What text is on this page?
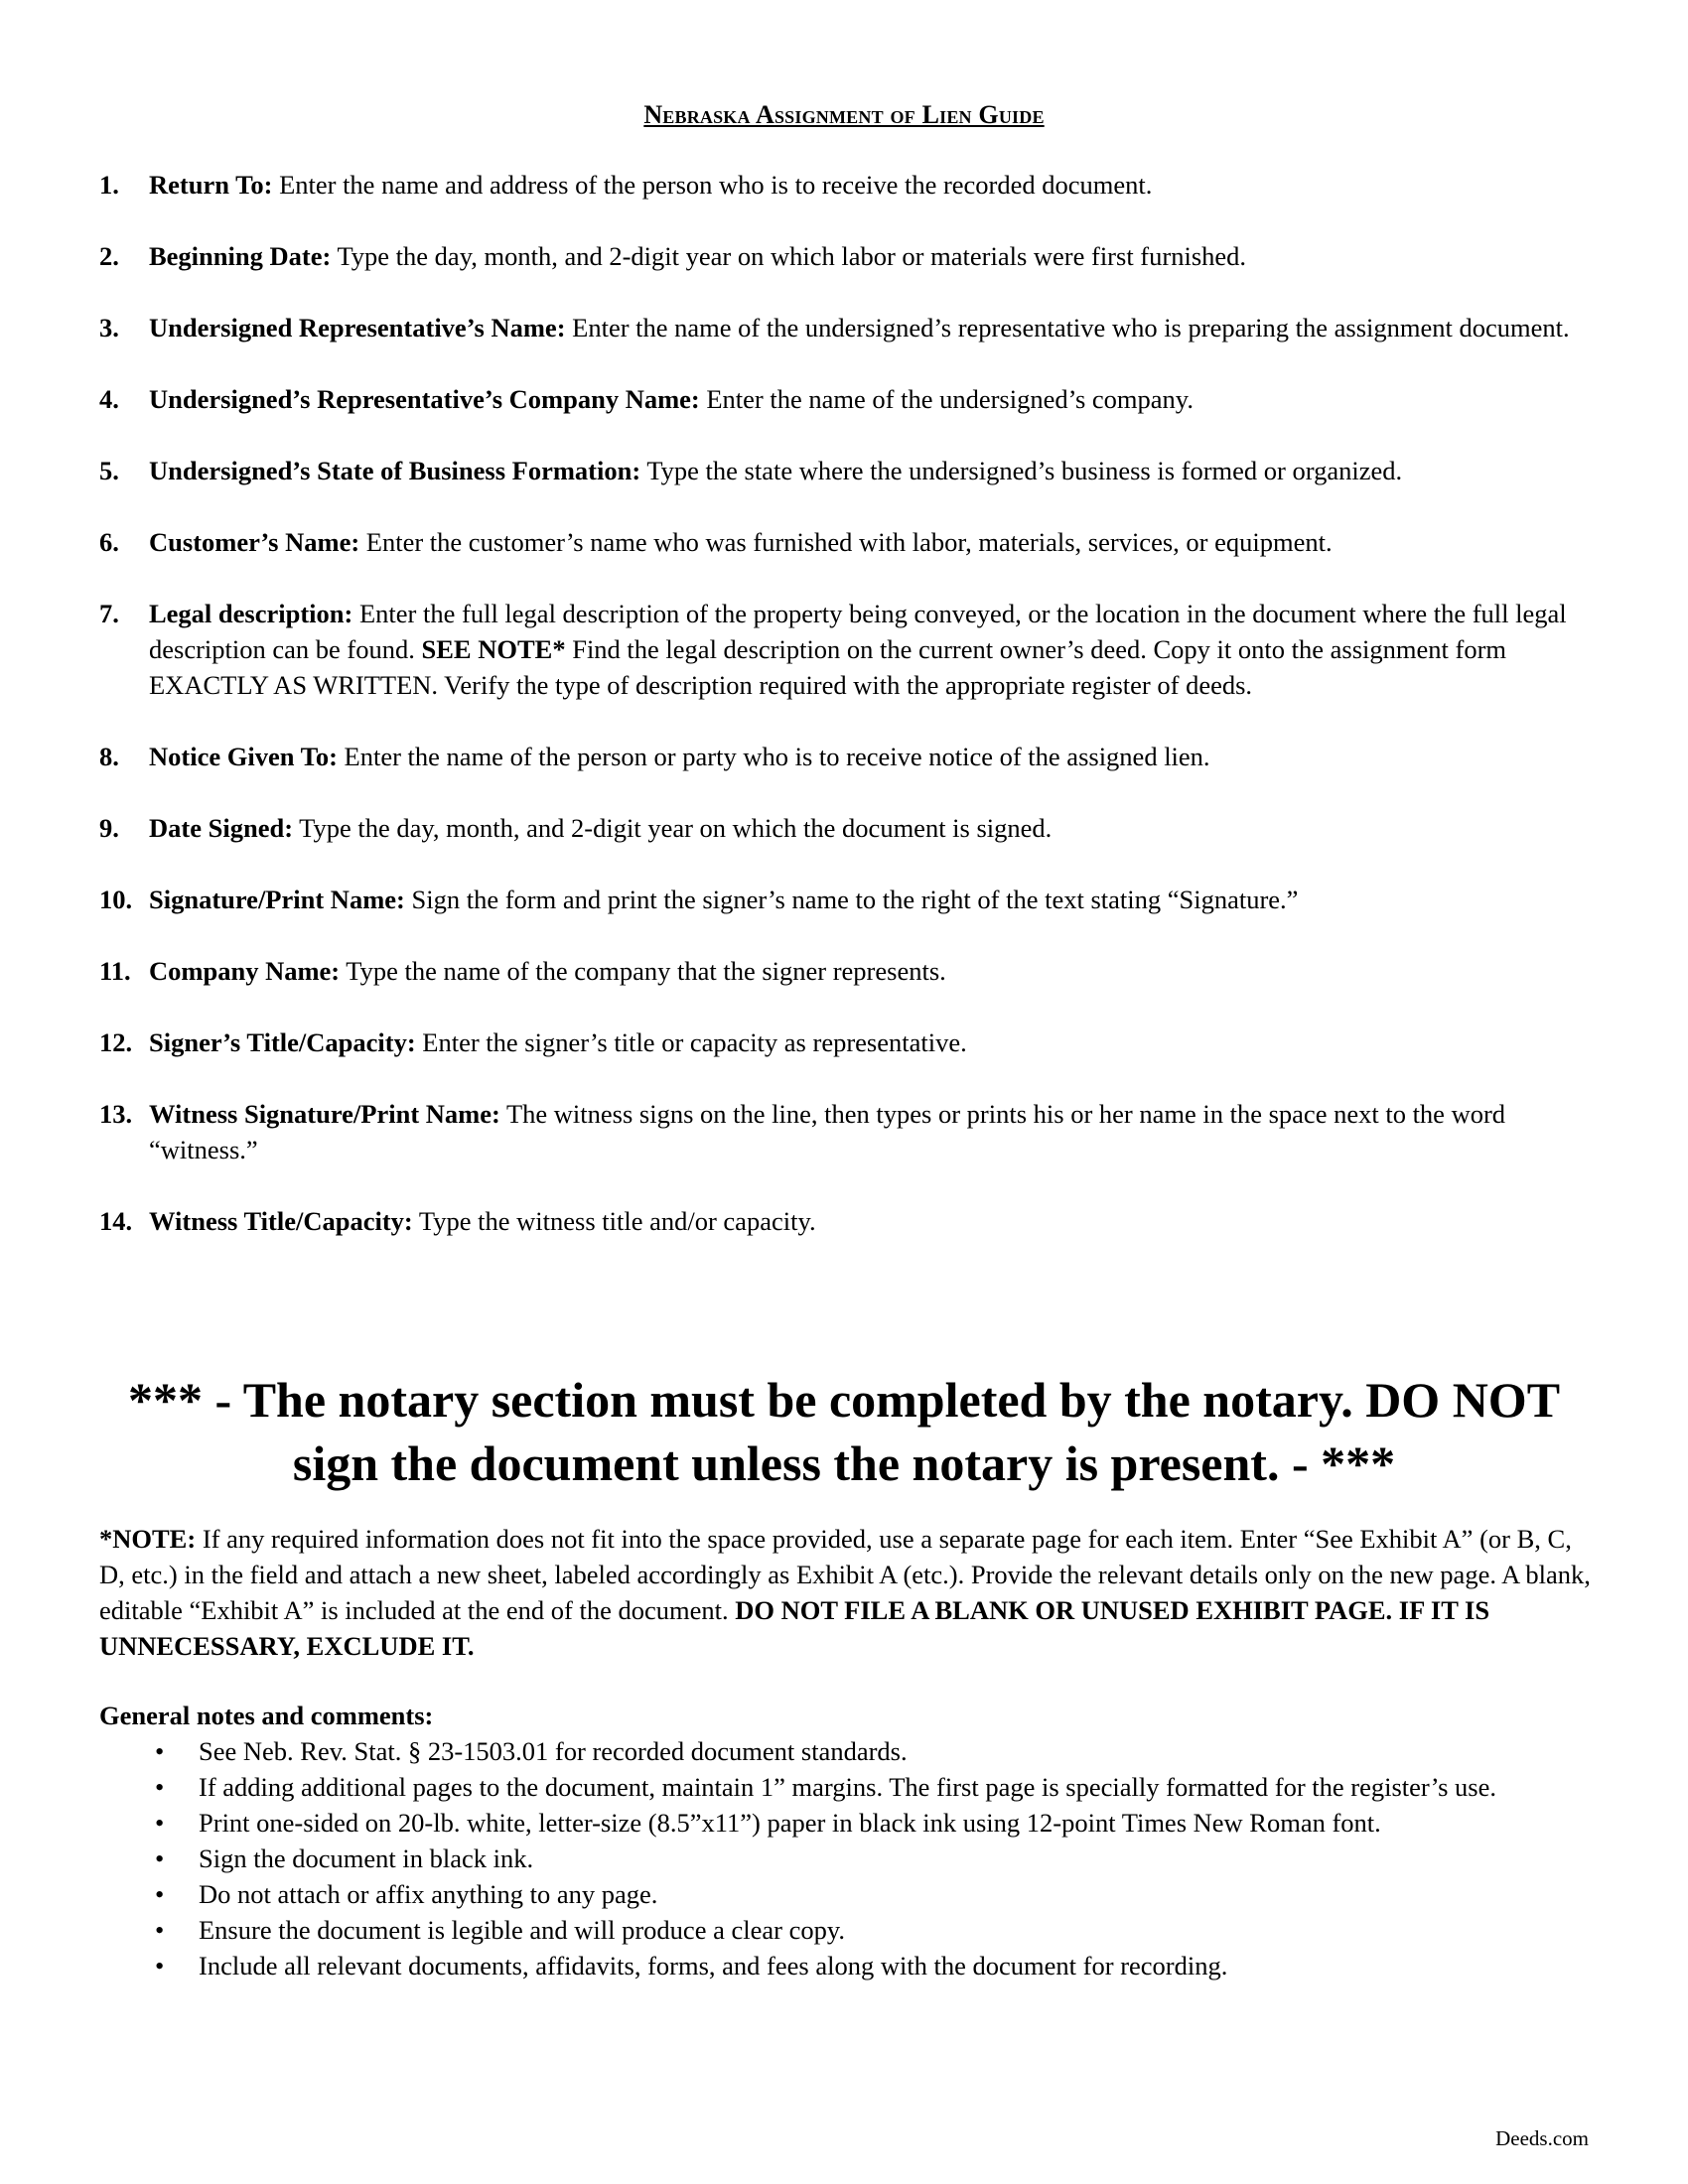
Nebraska Assignment of Lien Guide
1. Return To: Enter the name and address of the person who is to receive the recorded document.
2. Beginning Date: Type the day, month, and 2-digit year on which labor or materials were first furnished.
3. Undersigned Representative’s Name: Enter the name of the undersigned’s representative who is preparing the assignment document.
4. Undersigned’s Representative’s Company Name: Enter the name of the undersigned’s company.
5. Undersigned’s State of Business Formation: Type the state where the undersigned’s business is formed or organized.
6. Customer’s Name: Enter the customer’s name who was furnished with labor, materials, services, or equipment.
7. Legal description: Enter the full legal description of the property being conveyed, or the location in the document where the full legal description can be found. SEE NOTE* Find the legal description on the current owner’s deed. Copy it onto the assignment form EXACTLY AS WRITTEN. Verify the type of description required with the appropriate register of deeds.
8. Notice Given To: Enter the name of the person or party who is to receive notice of the assigned lien.
9. Date Signed: Type the day, month, and 2-digit year on which the document is signed.
10. Signature/Print Name: Sign the form and print the signer’s name to the right of the text stating “Signature.”
11. Company Name: Type the name of the company that the signer represents.
12. Signer’s Title/Capacity: Enter the signer’s title or capacity as representative.
13. Witness Signature/Print Name: The witness signs on the line, then types or prints his or her name in the space next to the word “witness.”
14. Witness Title/Capacity: Type the witness title and/or capacity.
*** - The notary section must be completed by the notary. DO NOT
sign the document unless the notary is present. - ***
*NOTE: If any required information does not fit into the space provided, use a separate page for each item. Enter “See Exhibit A” (or B, C, D, etc.) in the field and attach a new sheet, labeled accordingly as Exhibit A (etc.). Provide the relevant details only on the new page. A blank, editable “Exhibit A” is included at the end of the document. DO NOT FILE A BLANK OR UNUSED EXHIBIT PAGE. IF IT IS UNNECESSARY, EXCLUDE IT.
General notes and comments:
• See Neb. Rev. Stat. § 23-1503.01 for recorded document standards.
• If adding additional pages to the document, maintain 1” margins. The first page is specially formatted for the register’s use.
• Print one-sided on 20-lb. white, letter-size (8.5”x11”) paper in black ink using 12-point Times New Roman font.
• Sign the document in black ink.
• Do not attach or affix anything to any page.
• Ensure the document is legible and will produce a clear copy.
• Include all relevant documents, affidavits, forms, and fees along with the document for recording.
Deeds.com
